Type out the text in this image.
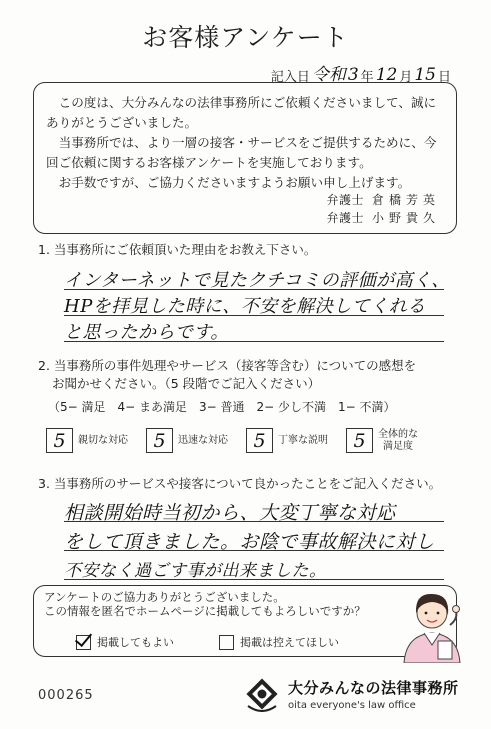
お客様アンケート
記入日 令和 3 年 12 月 15 日

この度は、大分みんなの法律事務所にご依頼くださいまして、誠にありがとうございました。

当事務所では、より一層の接客・サービスをご提供するために、今回ご依頼に関するお客様アンケートを実施しております。

お手数ですが、ご協力くださいますようお願い申し上げます。

弁護士 倉橋芳英
弁護士 小野貴久
1. 当事務所にご依頼頂いた理由をお教え下さい。
インターネットで見たクチコミの評価が高く、
HPを拝見した時に、不安を解決してくれる
と思ったからです。
2. 当事務所の事件処理やサービス（接客等含む）についての感想を
お聞かせください。（5 段階でご記入ください）
（5− 満足　4− まあ満足　3− 普通　2− 少し不満　1− 不満）
5	親切な対応	5	迅速な対応	5	丁寧な説明	5	全体的な
満足度
3. 当事務所のサービスや接客について良かったことをご記入ください。
相談開始時当初から、大変丁寧な対応
をして頂きました。お陰で事故解決に対し
不安なく過ごす事が出来ました。
アンケートのご協力ありがとうございました。
この情報を匿名でホームページに掲載してもよろしいですか？
掲載してもよい	掲載は控えてほしい
000265	大分みんなの法律事務所
oita everyone's law office
